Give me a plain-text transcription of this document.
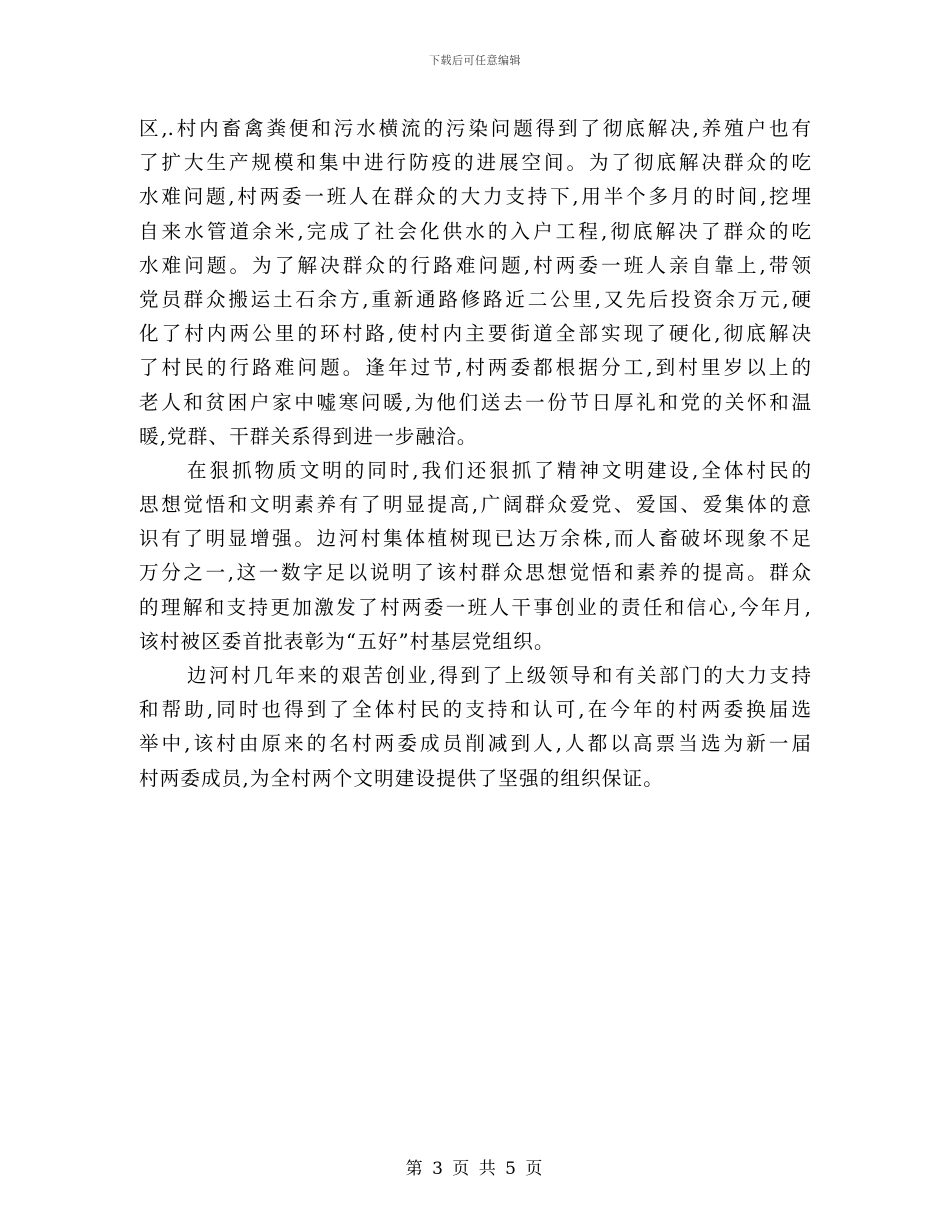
下载后可任意编辑
区,.村内畜禽粪便和污水横流的污染问题得到了彻底解决,养殖户也有
了扩大生产规模和集中进行防疫的进展空间。为了彻底解决群众的吃
水难问题,村两委一班人在群众的大力支持下,用半个多月的时间,挖埋
自来水管道余米,完成了社会化供水的入户工程,彻底解决了群众的吃
水难问题。为了解决群众的行路难问题,村两委一班人亲自靠上,带领
党员群众搬运土石余方,重新通路修路近二公里,又先后投资余万元,硬
化了村内两公里的环村路,使村内主要街道全部实现了硬化,彻底解决
了村民的行路难问题。逢年过节,村两委都根据分工,到村里岁以上的
老人和贫困户家中嘘寒问暖,为他们送去一份节日厚礼和党的关怀和温
暖,党群、干群关系得到进一步融洽。
在狠抓物质文明的同时,我们还狠抓了精神文明建设,全体村民的
思想觉悟和文明素养有了明显提高,广阔群众爱党、爱国、爱集体的意
识有了明显增强。边河村集体植树现已达万余株,而人畜破坏现象不足
万分之一,这一数字足以说明了该村群众思想觉悟和素养的提高。群众
的理解和支持更加激发了村两委一班人干事创业的责任和信心,今年月,
该村被区委首批表彰为“五好”村基层党组织。
边河村几年来的艰苦创业,得到了上级领导和有关部门的大力支持
和帮助,同时也得到了全体村民的支持和认可,在今年的村两委换届选
举中,该村由原来的名村两委成员削减到人,人都以高票当选为新一届
村两委成员,为全村两个文明建设提供了坚强的组织保证。
第 3 页 共 5 页
